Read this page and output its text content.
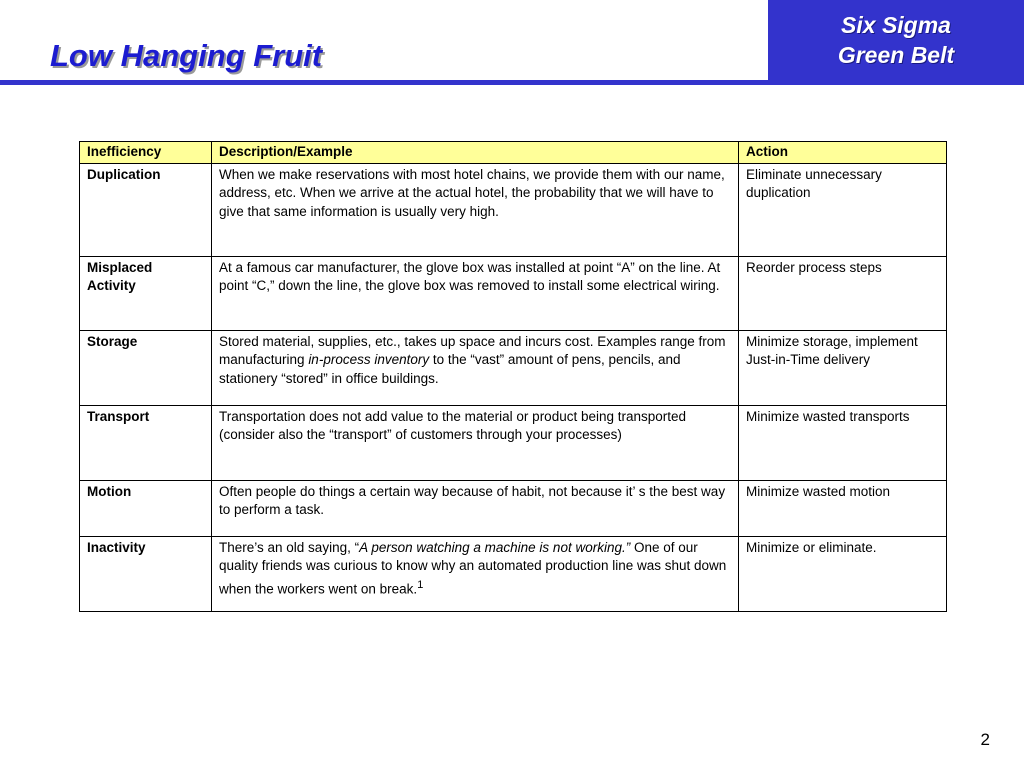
Low Hanging Fruit
Six Sigma
Green Belt
Inefficiency	Description/Example	Action
Duplication	When we make reservations with most hotel chains, we provide them with our name, address, etc. When we arrive at the actual hotel, the probability that we will have to give that same information is usually very high.	Eliminate unnecessary duplication
Misplaced Activity	At a famous car manufacturer, the glove box was installed at point “A” on the line. At point “C,” down the line, the glove box was removed to install some electrical wiring.	Reorder process steps
Storage	Stored material, supplies, etc., takes up space and incurs cost. Examples range from manufacturing in-process inventory to the “vast” amount of pens, pencils, and stationery “stored” in office buildings.	Minimize storage, implement Just-in-Time delivery
Transport	Transportation does not add value to the material or product being transported (consider also the “transport” of customers through your processes)	Minimize wasted transports
Motion	Often people do things a certain way because of habit, not because it’ s the best way to perform a task.	Minimize wasted motion
Inactivity	There’s an old saying, “A person watching a machine is not working.” One of our quality friends was curious to know why an automated production line was shut down when the workers went on break.$^1$	Minimize or eliminate.
2
